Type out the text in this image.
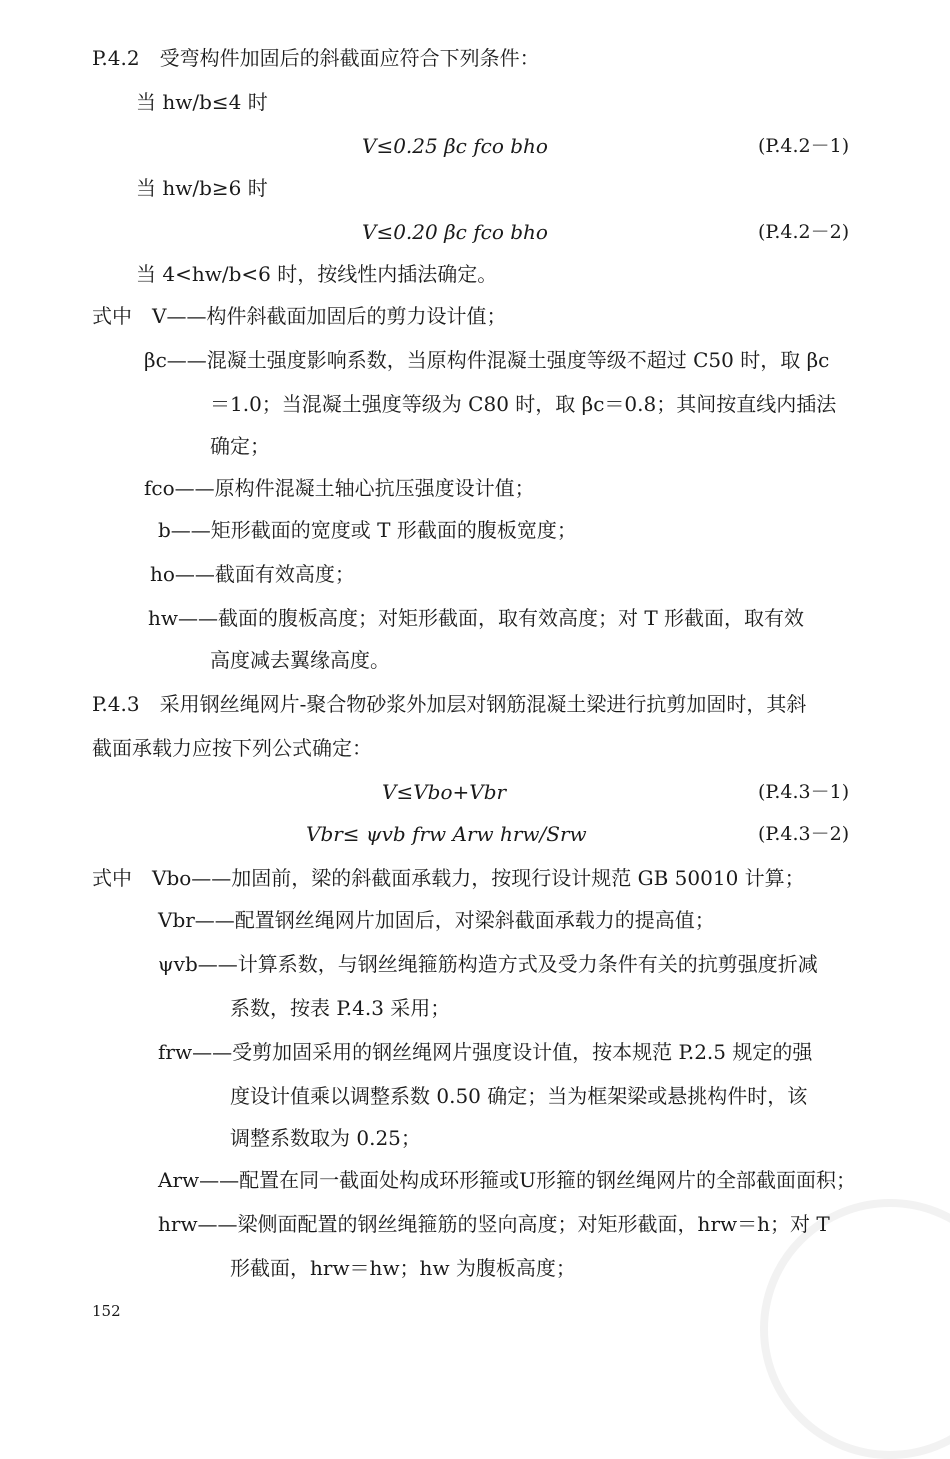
P.4.2　受弯构件加固后的斜截面应符合下列条件：
当 hw/b≤4 时
V≤0.25 βc fco bho	(P.4.2－1)
当 hw/b≥6 时
V≤0.20 βc fco bho	(P.4.2－2)
当 4<hw/b<6 时，按线性内插法确定。
式中　V——构件斜截面加固后的剪力设计值；
βc——混凝土强度影响系数，当原构件混凝土强度等级不超过 C50 时，取 βc
＝1.0；当混凝土强度等级为 C80 时，取 βc＝0.8；其间按直线内插法
确定；
fco——原构件混凝土轴心抗压强度设计值；
b——矩形截面的宽度或 T 形截面的腹板宽度；
ho——截面有效高度；
hw——截面的腹板高度；对矩形截面，取有效高度；对 T 形截面，取有效
高度减去翼缘高度。
P.4.3　采用钢丝绳网片-聚合物砂浆外加层对钢筋混凝土梁进行抗剪加固时，其斜
截面承载力应按下列公式确定：
V≤Vbo+Vbr	(P.4.3－1)
Vbr≤ ψvb frw Arw hrw/Srw	(P.4.3－2)
式中　Vbo——加固前，梁的斜截面承载力，按现行设计规范 GB 50010 计算；
Vbr——配置钢丝绳网片加固后，对梁斜截面承载力的提高值；
ψvb——计算系数，与钢丝绳箍筋构造方式及受力条件有关的抗剪强度折减
系数，按表 P.4.3 采用；
frw——受剪加固采用的钢丝绳网片强度设计值，按本规范 P.2.5 规定的强
度设计值乘以调整系数 0.50 确定；当为框架梁或悬挑构件时，该
调整系数取为 0.25；
Arw——配置在同一截面处构成环形箍或U形箍的钢丝绳网片的全部截面面积；
hrw——梁侧面配置的钢丝绳箍筋的竖向高度；对矩形截面，hrw＝h；对 T
形截面，hrw＝hw；hw 为腹板高度；
152
